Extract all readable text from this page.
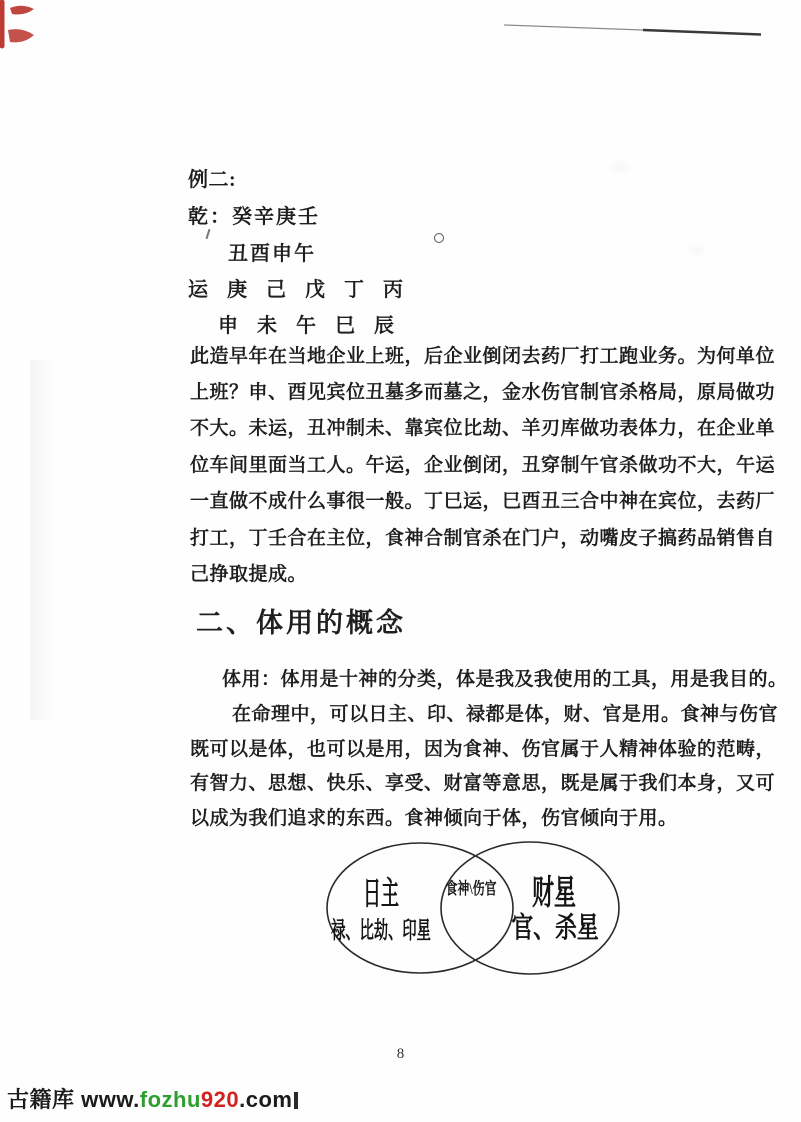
例二:
乾：癸辛庚壬
丑酉申午
运 庚 己 戊 丁 丙
申 未 午 巳 辰
此造早年在当地企业上班，后企业倒闭去药厂打工跑业务。为何单位
上班？申、酉见宾位丑墓多而墓之，金水伤官制官杀格局，原局做功
不大。未运，丑冲制未、靠宾位比劫、羊刃库做功表体力，在企业单
位车间里面当工人。午运，企业倒闭，丑穿制午官杀做功不大，午运
一直做不成什么事很一般。丁巳运，巳酉丑三合中神在宾位，去药厂
打工，丁壬合在主位，食神合制官杀在门户，动嘴皮子搞药品销售自
己挣取提成。
二、体用的概念
体用：体用是十神的分类，体是我及我使用的工具，用是我目的。
在命理中，可以日主、印、禄都是体，财、官是用。食神与伤官
既可以是体，也可以是用，因为食神、伤官属于人精神体验的范畴，
有智力、思想、快乐、享受、财富等意思，既是属于我们本身，又可
以成为我们追求的东西。食神倾向于体，伤官倾向于用。
日主
禄、比劫、印星
食神\伤官 财星
官、杀星
8
古籍库 www.fozhu920.com
